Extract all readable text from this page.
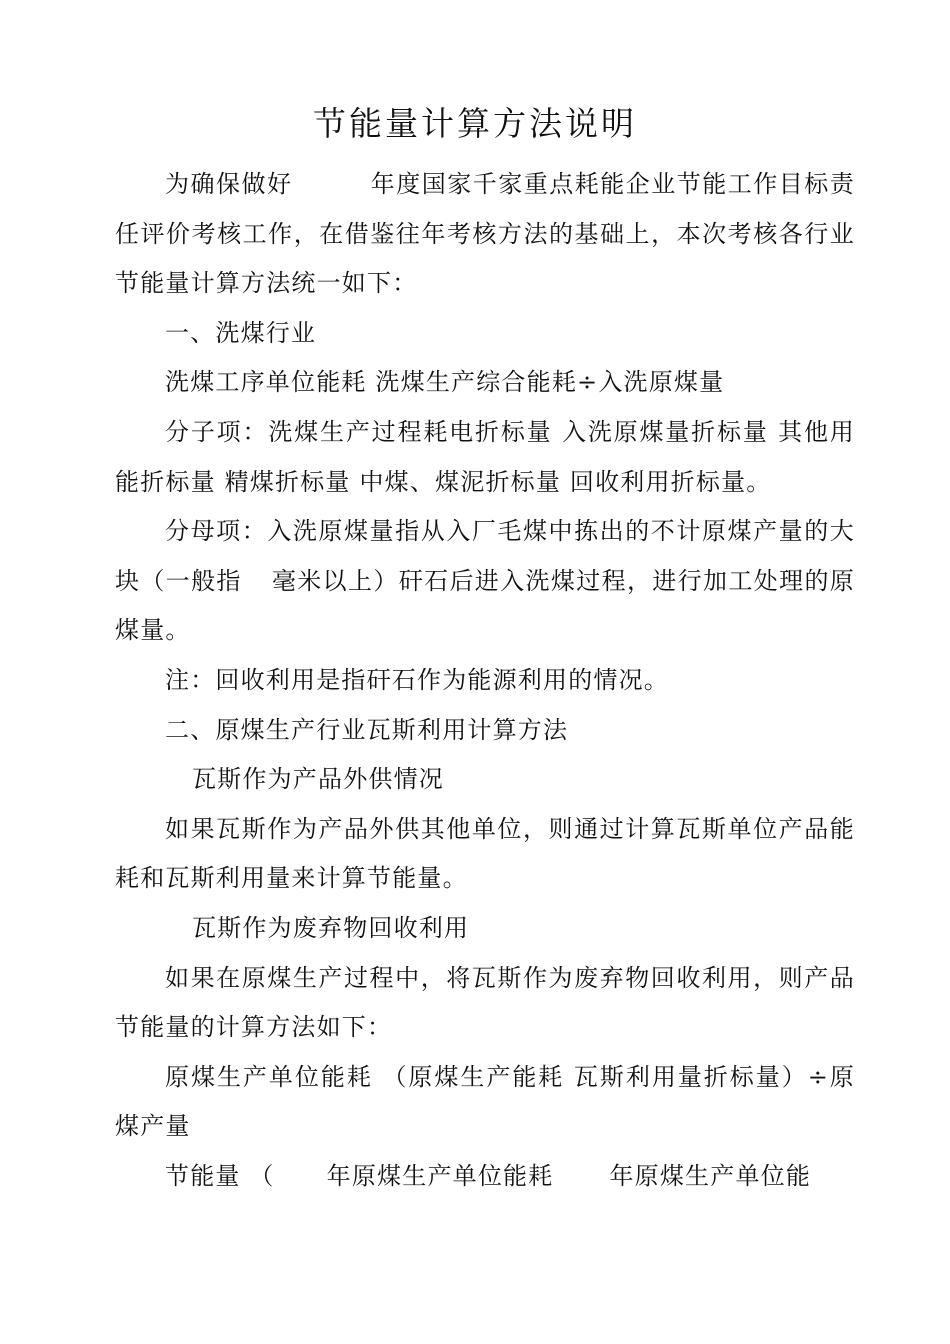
节能量计算方法说明

为确保做好	年度国家千家重点耗能企业节能工作目标责任评价考核工作，在借鉴往年考核方法的基础上，本次考核各行业节能量计算方法统一如下：

一、洗煤行业

洗煤工序单位能耗 洗煤生产综合能耗÷入洗原煤量

分子项：洗煤生产过程耗电折标量 入洗原煤量折标量 其他用能折标量 精煤折标量 中煤、煤泥折标量 回收利用折标量。

分母项：入洗原煤量指从入厂毛煤中拣出的不计原煤产量的大块（一般指 毫米以上）矸石后进入洗煤过程，进行加工处理的原煤量。

注：回收利用是指矸石作为能源利用的情况。

二、原煤生产行业瓦斯利用计算方法

瓦斯作为产品外供情况

如果瓦斯作为产品外供其他单位，则通过计算瓦斯单位产品能耗和瓦斯利用量来计算节能量。

瓦斯作为废弃物回收利用

如果在原煤生产过程中，将瓦斯作为废弃物回收利用，则产品节能量的计算方法如下：

原煤生产单位能耗 （原煤生产能耗 瓦斯利用量折标量）÷原煤产量

节能量 （ 年原煤生产单位能耗 年原煤生产单位能
